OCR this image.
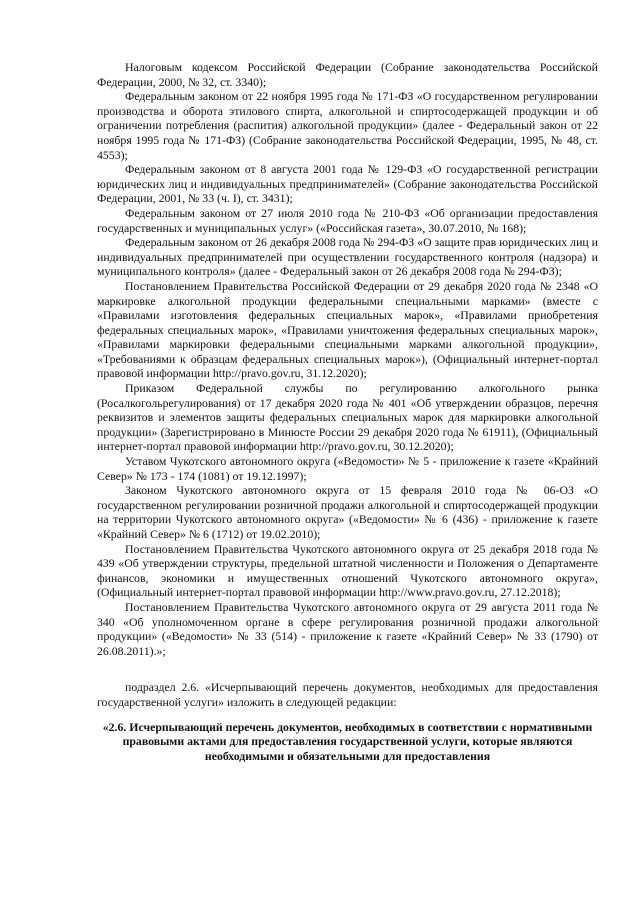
Налоговым кодексом Российской Федерации (Собрание законодательства Российской Федерации, 2000, № 32, ст. 3340);

Федеральным законом от 22 ноября 1995 года № 171-ФЗ «О государственном регулировании производства и оборота этилового спирта, алкогольной и спиртосодержащей продукции и об ограничении потребления (распития) алкогольной продукции» (далее - Федеральный закон от 22 ноября 1995 года № 171-ФЗ) (Собрание законодательства Российской Федерации, 1995, № 48, ст. 4553);

Федеральным законом от 8 августа 2001 года № 129-ФЗ «О государственной регистрации юридических лиц и индивидуальных предпринимателей» (Собрание законодательства Российской Федерации, 2001, № 33 (ч. I), ст. 3431);

Федеральным законом от 27 июля 2010 года № 210-ФЗ «Об организации предоставления государственных и муниципальных услуг» («Российская газета», 30.07.2010, № 168);

Федеральным законом от 26 декабря 2008 года № 294-ФЗ «О защите прав юридических лиц и индивидуальных предпринимателей при осуществлении государственного контроля (надзора) и муниципального контроля» (далее - Федеральный закон от 26 декабря 2008 года № 294-ФЗ);

Постановлением Правительства Российской Федерации от 29 декабря 2020 года № 2348 «О маркировке алкогольной продукции федеральными специальными марками» (вместе с «Правилами изготовления федеральных специальных марок», «Правилами приобретения федеральных специальных марок», «Правилами уничтожения федеральных специальных марок», «Правилами маркировки федеральными специальными марками алкогольной продукции», «Требованиями к образцам федеральных специальных марок»), (Официальный интернет-портал правовой информации http://pravo.gov.ru, 31.12.2020);

Приказом Федеральной службы по регулированию алкогольного рынка (Росалкогольрегулирования) от 17 декабря 2020 года № 401 «Об утверждении образцов, перечня реквизитов и элементов защиты федеральных специальных марок для маркировки алкогольной продукции» (Зарегистрировано в Минюсте России 29 декабря 2020 года № 61911), (Официальный интернет-портал правовой информации http://pravo.gov.ru, 30.12.2020);

Уставом Чукотского автономного округа («Ведомости» № 5 - приложение к газете «Крайний Север» № 173 - 174 (1081) от 19.12.1997);

Законом Чукотского автономного округа от 15 февраля 2010 года № 06-ОЗ «О государственном регулировании розничной продажи алкогольной и спиртосодержащей продукции на территории Чукотского автономного округа» («Ведомости» № 6 (436) - приложение к газете «Крайний Север» № 6 (1712) от 19.02.2010);

Постановлением Правительства Чукотского автономного округа от 25 декабря 2018 года № 439 «Об утверждении структуры, предельной штатной численности и Положения о Департаменте финансов, экономики и имущественных отношений Чукотского автономного округа», (Официальный интернет-портал правовой информации http://www.pravo.gov.ru, 27.12.2018);

Постановлением Правительства Чукотского автономного округа от 29 августа 2011 года № 340 «Об уполномоченном органе в сфере регулирования розничной продажи алкогольной продукции» («Ведомости» № 33 (514) - приложение к газете «Крайний Север» № 33 (1790) от 26.08.2011).»;

подраздел 2.6. «Исчерпывающий перечень документов, необходимых для предоставления государственной услуги» изложить в следующей редакции:

«2.6. Исчерпывающий перечень документов, необходимых в соответствии с нормативными правовыми актами для предоставления государственной услуги, которые являются необходимыми и обязательными для предоставления
